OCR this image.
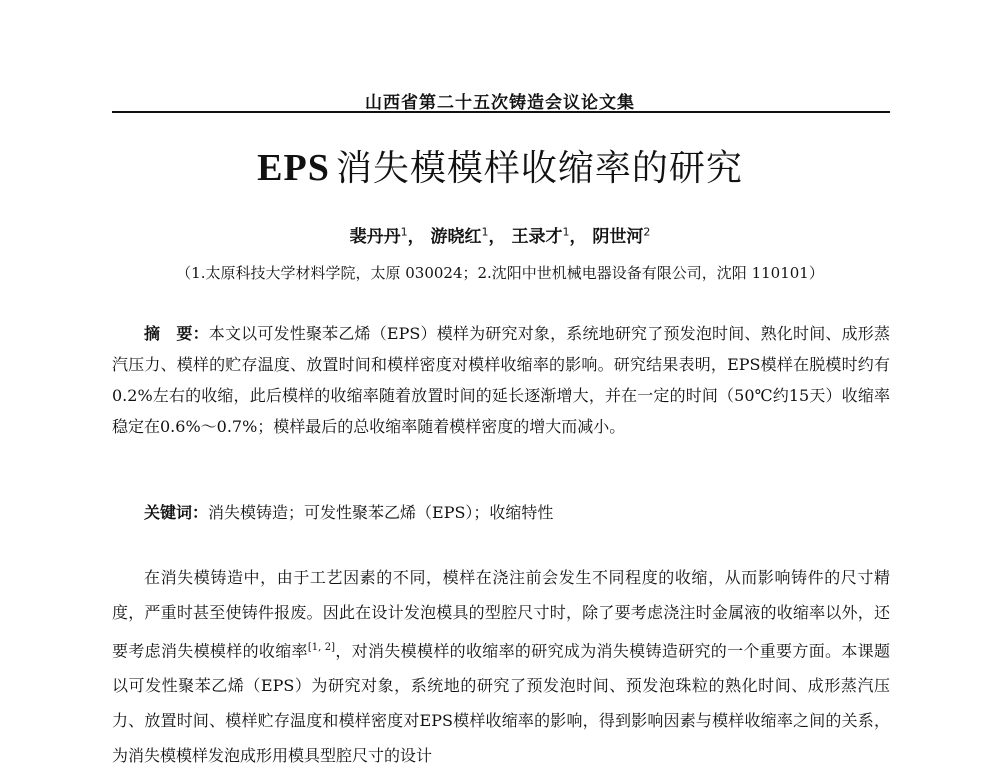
山西省第二十五次铸造会议论文集
EPS 消失模模样收缩率的研究
裴丹丹$^1$， 游晓红$^1$， 王录才$^1$， 阴世河$^2$
（1.太原科技大学材料学院，太原 030024；2.沈阳中世机械电器设备有限公司，沈阳 110101）
摘　要：本文以可发性聚苯乙烯（EPS）模样为研究对象，系统地研究了预发泡时间、熟化时间、成形蒸汽压力、模样的贮存温度、放置时间和模样密度对模样收缩率的影响。研究结果表明，EPS模样在脱模时约有0.2%左右的收缩，此后模样的收缩率随着放置时间的延长逐渐增大，并在一定的时间（50℃约15天）收缩率稳定在0.6%～0.7%；模样最后的总收缩率随着模样密度的增大而减小。
关键词：消失模铸造；可发性聚苯乙烯（EPS）；收缩特性
在消失模铸造中，由于工艺因素的不同，模样在浇注前会发生不同程度的收缩，从而影响铸件的尺寸精度，严重时甚至使铸件报废。因此在设计发泡模具的型腔尺寸时，除了要考虑浇注时金属液的收缩率以外，还要考虑消失模模样的收缩率[1, 2]，对消失模模样的收缩率的研究成为消失模铸造研究的一个重要方面。本课题以可发性聚苯乙烯（EPS）为研究对象，系统地的研究了预发泡时间、预发泡珠粒的熟化时间、成形蒸汽压力、放置时间、模样贮存温度和模样密度对EPS模样收缩率的影响，得到影响因素与模样收缩率之间的关系，为消失模模样发泡成形用模具型腔尺寸的设计
